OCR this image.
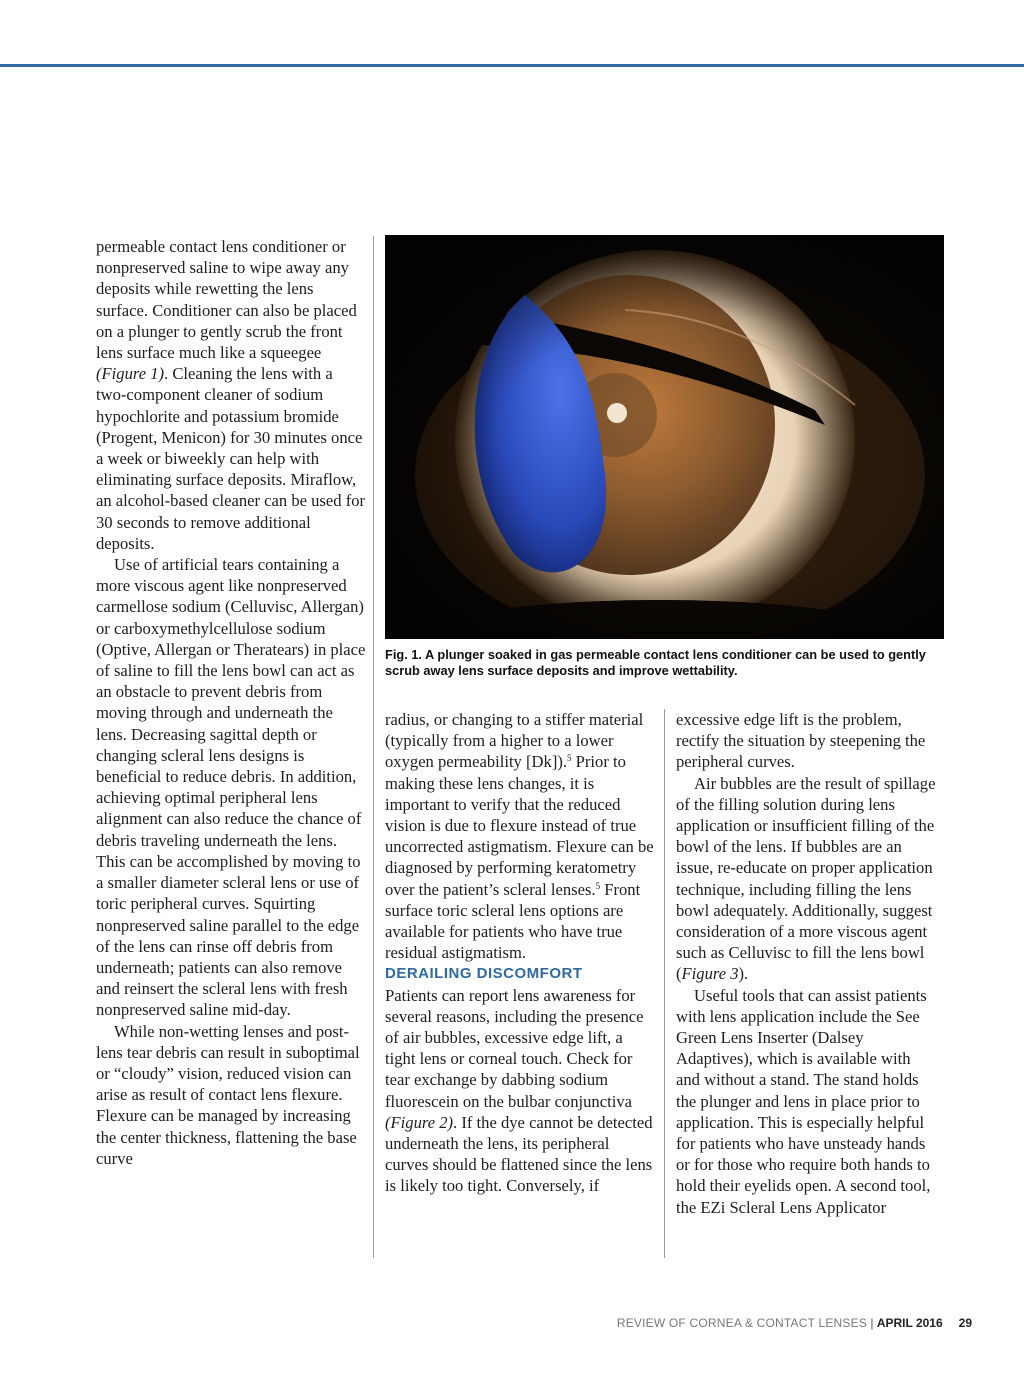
permeable contact lens conditioner or nonpreserved saline to wipe away any deposits while rewetting the lens surface. Conditioner can also be placed on a plunger to gently scrub the front lens surface much like a squeegee (Figure 1). Cleaning the lens with a two-component cleaner of sodium hypochlorite and potassium bromide (Progent, Menicon) for 30 minutes once a week or biweekly can help with eliminating surface deposits. Miraflow, an alcohol-based cleaner can be used for 30 seconds to remove additional deposits.

Use of artificial tears containing a more viscous agent like nonpreserved carmellose sodium (Celluvisc, Allergan) or carboxymethylcellulose sodium (Optive, Allergan or Theratears) in place of saline to fill the lens bowl can act as an obstacle to prevent debris from moving through and underneath the lens. Decreasing sagittal depth or changing scleral lens designs is beneficial to reduce debris. In addition, achieving optimal peripheral lens alignment can also reduce the chance of debris traveling underneath the lens. This can be accomplished by moving to a smaller diameter scleral lens or use of toric peripheral curves. Squirting nonpreserved saline parallel to the edge of the lens can rinse off debris from underneath; patients can also remove and reinsert the scleral lens with fresh nonpreserved saline mid-day.

While non-wetting lenses and post-lens tear debris can result in suboptimal or “cloudy” vision, reduced vision can arise as result of contact lens flexure. Flexure can be managed by increasing the center thickness, flattening the base curve

Fig. 1. A plunger soaked in gas permeable contact lens conditioner can be used to gently scrub away lens surface deposits and improve wettability.

radius, or changing to a stiffer material (typically from a higher to a lower oxygen permeability [Dk]).$^5$ Prior to making these lens changes, it is important to verify that the reduced vision is due to flexure instead of true uncorrected astigmatism. Flexure can be diagnosed by performing keratometry over the patient’s scleral lenses.$^5$ Front surface toric scleral lens options are available for patients who have true residual astigmatism.

DERAILING DISCOMFORT

Patients can report lens awareness for several reasons, including the presence of air bubbles, excessive edge lift, a tight lens or corneal touch. Check for tear exchange by dabbing sodium fluorescein on the bulbar conjunctiva (Figure 2). If the dye cannot be detected underneath the lens, its peripheral curves should be flattened since the lens is likely too tight. Conversely, if

excessive edge lift is the problem, rectify the situation by steepening the peripheral curves.

Air bubbles are the result of spillage of the filling solution during lens application or insufficient filling of the bowl of the lens. If bubbles are an issue, re-educate on proper application technique, including filling the lens bowl adequately. Additionally, suggest consideration of a more viscous agent such as Celluvisc to fill the lens bowl (Figure 3).

Useful tools that can assist patients with lens application include the See Green Lens Inserter (Dalsey Adaptives), which is available with and without a stand. The stand holds the plunger and lens in place prior to application. This is especially helpful for patients who have unsteady hands or for those who require both hands to hold their eyelids open. A second tool, the EZi Scleral Lens Applicator

REVIEW OF CORNEA & CONTACT LENSES | APRIL 2016 29
